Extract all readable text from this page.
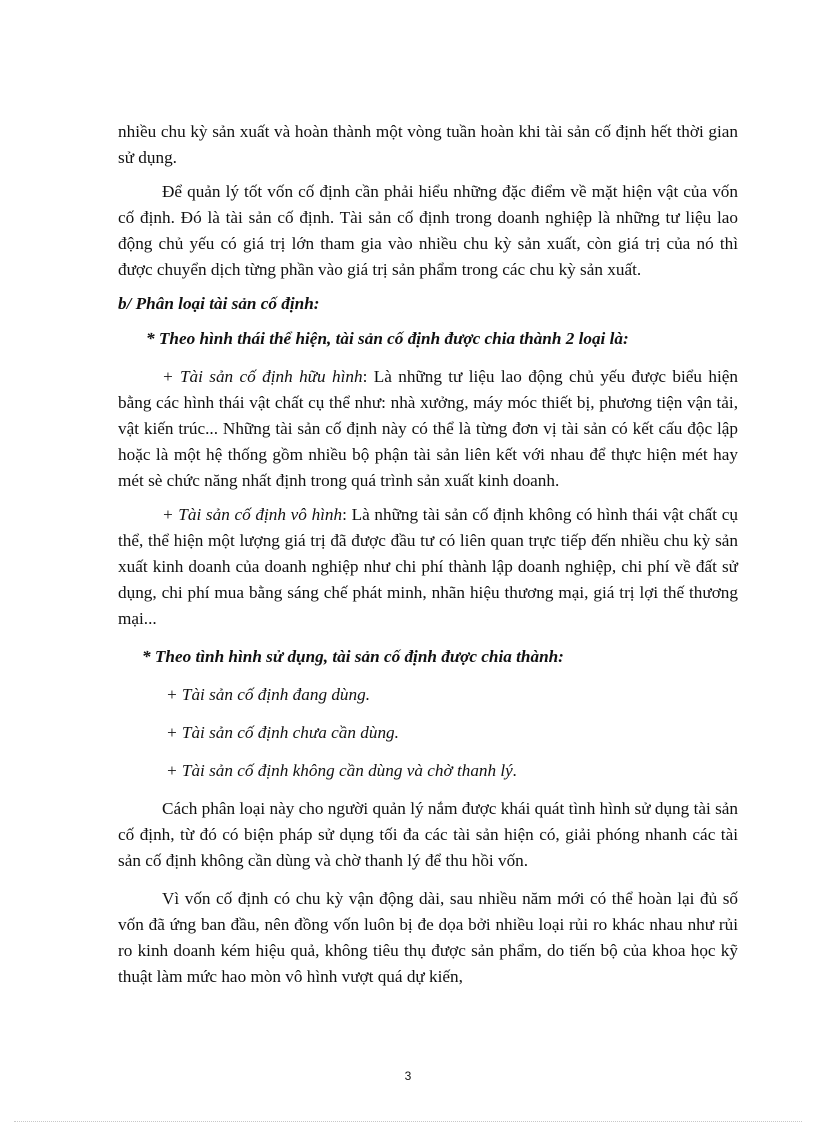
nhiều chu kỳ sản xuất và hoàn thành một vòng tuần hoàn khi tài sản cố định hết thời gian sử dụng.

Để quản lý tốt vốn cố định cần phải hiểu những đặc điểm về mặt hiện vật của vốn cố định. Đó là tài sản cố định. Tài sản cố định trong doanh nghiệp là những tư liệu lao động chủ yếu có giá trị lớn tham gia vào nhiều chu kỳ sản xuất, còn giá trị của nó thì được chuyển dịch từng phần vào giá trị sản phẩm trong các chu kỳ sản xuất.

b/ Phân loại tài sản cố định:

* Theo hình thái thể hiện, tài sản cố định được chia thành 2 loại là:

+ Tài sản cố định hữu hình: Là những tư liệu lao động chủ yếu được biểu hiện bằng các hình thái vật chất cụ thể như: nhà xưởng, máy móc thiết bị, phương tiện vận tải, vật kiến trúc... Những tài sản cố định này có thể là từng đơn vị tài sản có kết cấu độc lập hoặc là một hệ thống gồm nhiều bộ phận tài sản liên kết với nhau để thực hiện mét hay mét sè chức năng nhất định trong quá trình sản xuất kinh doanh.

+ Tài sản cố định vô hình: Là những tài sản cố định không có hình thái vật chất cụ thể, thể hiện một lượng giá trị đã được đầu tư có liên quan trực tiếp đến nhiều chu kỳ sản xuất kinh doanh của doanh nghiệp như chi phí thành lập doanh nghiệp, chi phí về đất sử dụng, chi phí mua bằng sáng chế phát minh, nhãn hiệu thương mại, giá trị lợi thế thương mại...

* Theo tình hình sử dụng, tài sản cố định được chia thành:

+ Tài sản cố định đang dùng.

+ Tài sản cố định chưa cần dùng.

+ Tài sản cố định không cần dùng và chờ thanh lý.

Cách phân loại này cho người quản lý nắm được khái quát tình hình sử dụng tài sản cố định, từ đó có biện pháp sử dụng tối đa các tài sản hiện có, giải phóng nhanh các tài sản cố định không cần dùng và chờ thanh lý để thu hồi vốn.

Vì vốn cố định có chu kỳ vận động dài, sau nhiều năm mới có thể hoàn lại đủ số vốn đã ứng ban đầu, nên đồng vốn luôn bị đe dọa bởi nhiều loại rủi ro khác nhau như rủi ro kinh doanh kém hiệu quả, không tiêu thụ được sản phẩm, do tiến bộ của khoa học kỹ thuật làm mức hao mòn vô hình vượt quá dự kiến,

3
